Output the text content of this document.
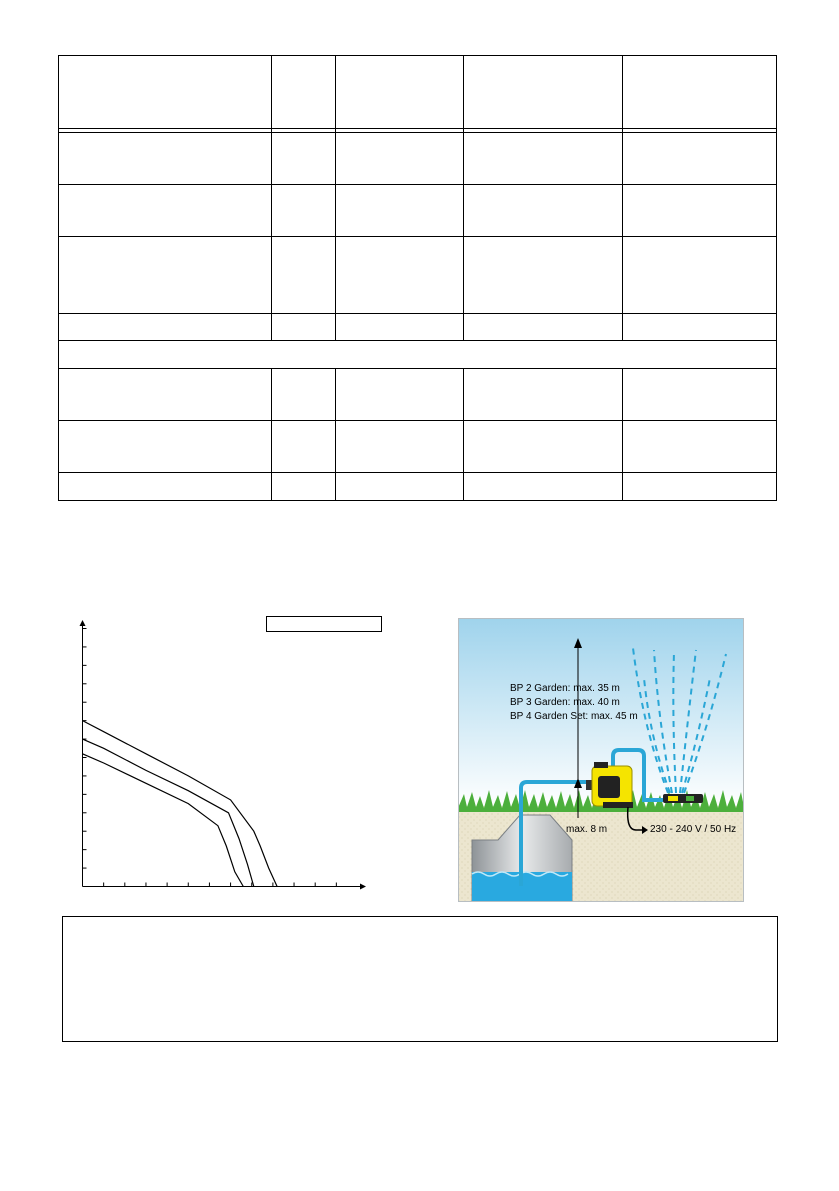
BP 2 Garden: max. 35 m
BP 3 Garden: max. 40 m
BP 4 Garden Set: max. 45 m
max. 8 m	230 - 240 V / 50 Hz
